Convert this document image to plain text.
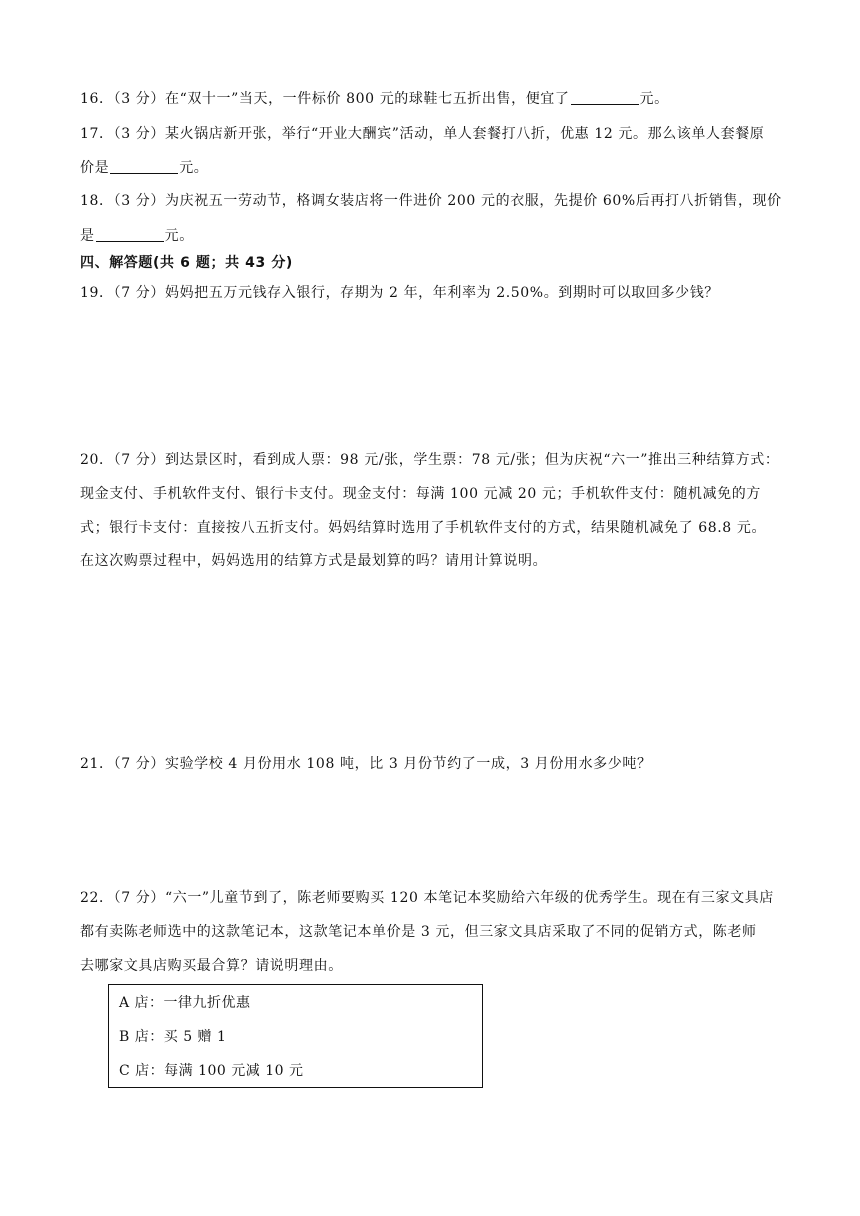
16．（3 分）在“双十一”当天，一件标价 800 元的球鞋七五折出售，便宜了	元。
17．（3 分）某火锅店新开张，举行“开业大酬宾”活动，单人套餐打八折，优惠 12 元。那么该单人套餐原
价是	元。
18．（3 分）为庆祝五一劳动节，格调女装店将一件进价 200 元的衣服，先提价 60%后再打八折销售，现价
是	元。
四、解答题(共 6 题；共 43 分)
19．（7 分）妈妈把五万元钱存入银行，存期为 2 年，年利率为 2.50%。到期时可以取回多少钱？
20．（7 分）到达景区时，看到成人票：98 元/张，学生票：78 元/张；但为庆祝“六一”推出三种结算方式：
现金支付、手机软件支付、银行卡支付。现金支付：每满 100 元减 20 元；手机软件支付：随机减免的方
式；银行卡支付：直接按八五折支付。妈妈结算时选用了手机软件支付的方式，结果随机减免了 68.8 元。
在这次购票过程中，妈妈选用的结算方式是最划算的吗？请用计算说明。
21．（7 分）实验学校 4 月份用水 108 吨，比 3 月份节约了一成，3 月份用水多少吨？
22．（7 分）“六一”儿童节到了，陈老师要购买 120 本笔记本奖励给六年级的优秀学生。现在有三家文具店
都有卖陈老师选中的这款笔记本，这款笔记本单价是 3 元，但三家文具店采取了不同的促销方式，陈老师
去哪家文具店购买最合算？请说明理由。
A 店：一律九折优惠
B 店：买 5 赠 1
C 店：每满 100 元减 10 元
